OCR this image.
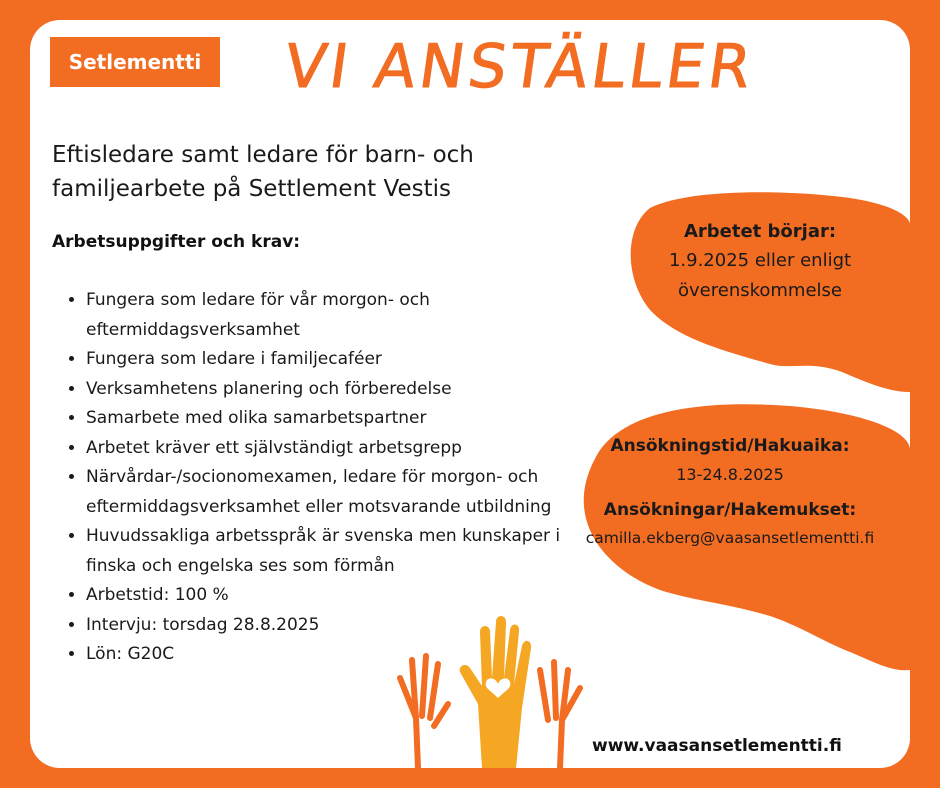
Setlementti VI ANSTÄLLER
Eftisledare samt ledare för barn- och
familjearbete på Settlement Vestis
Arbetsuppgifter och krav:
• Fungera som ledare för vår morgon- och eftermiddagsverksamhet
• Fungera som ledare i familjecaféer
• Verksamhetens planering och förberedelse
• Samarbete med olika samarbetspartner
• Arbetet kräver ett självständigt arbetsgrepp
• Närvårdar-/socionomexamen, ledare för morgon- och eftermiddagsverksamhet eller motsvarande utbildning
• Huvudssakliga arbetsspråk är svenska men kunskaper i finska och engelska ses som förmån
• Arbetstid: 100 %
• Intervju: torsdag 28.8.2025
• Lön: G20C
Arbetet börjar:
1.9.2025 eller enligt
överenskommelse
Ansökningstid/Hakuaika:
13-24.8.2025
Ansökningar/Hakemukset:
camilla.ekberg@vaasansetlementti.fi
www.vaasansetlementti.fi
